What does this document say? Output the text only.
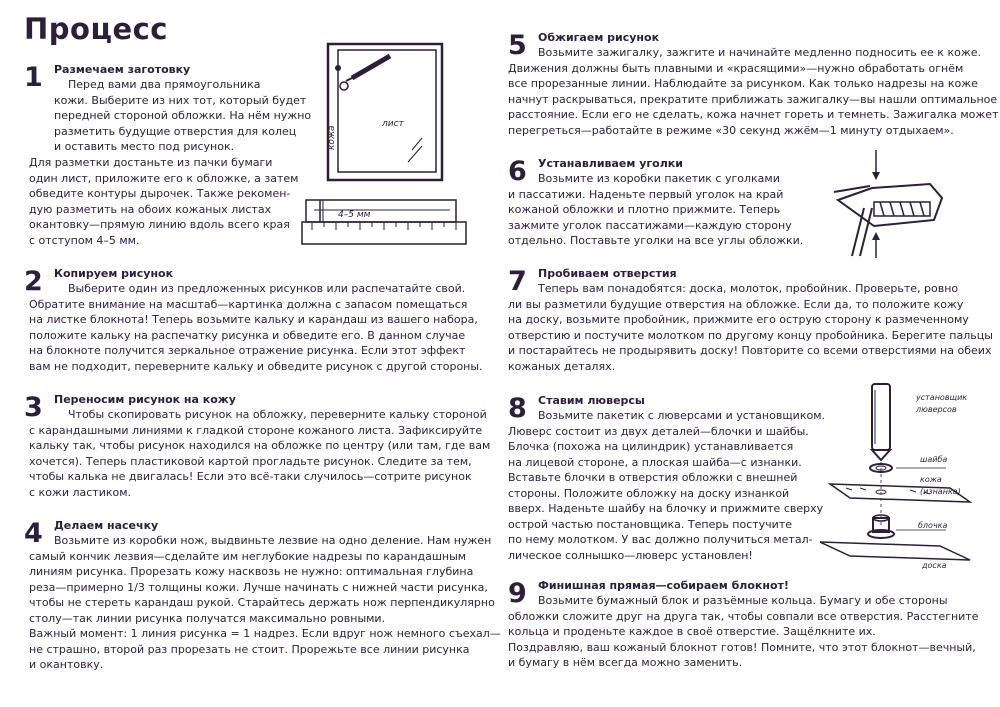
Процесс
1 Размечаем заготовку
Перед вами два прямоугольника
кожи. Выберите из них тот, который будет
передней стороной обложки. На нём нужно
разметить будущие отверстия для колец
и оставить место под рисунок.
Для разметки достаньте из пачки бумаги
один лист, приложите его к обложке, а затем
обведите контуры дырочек. Также рекомен-
дую разметить на обоих кожаных листах
окантовку—прямую линию вдоль всего края
с отступом 4–5 мм.
лист
кожа
4–5 мм
2 Копируем рисунок
Выберите один из предложенных рисунков или распечатайте свой.
Обратите внимание на масштаб—картинка должна с запасом помещаться
на листке блокнота! Теперь возьмите кальку и карандаш из вашего набора,
положите кальку на распечатку рисунка и обведите его. В данном случае
на блокноте получится зеркальное отражение рисунка. Если этот эффект
вам не подходит, переверните кальку и обведите рисунок с другой стороны.
3 Переносим рисунок на кожу
Чтобы скопировать рисунок на обложку, переверните кальку стороной
с карандашными линиями к гладкой стороне кожаного листа. Зафиксируйте
кальку так, чтобы рисунок находился на обложке по центру (или там, где вам
хочется). Теперь пластиковой картой прогладьте рисунок. Следите за тем,
чтобы калька не двигалась! Если это всё-таки случилось—сотрите рисунок
с кожи ластиком.
4 Делаем насечку
Возьмите из коробки нож, выдвиньте лезвие на одно деление. Нам нужен
самый кончик лезвия—сделайте им неглубокие надрезы по карандашным
линиям рисунка. Прорезать кожу насквозь не нужно: оптимальная глубина
реза—примерно 1/3 толщины кожи. Лучше начинать с нижней части рисунка,
чтобы не стереть карандаш рукой. Старайтесь держать нож перпендикулярно
столу—так линии рисунка получатся максимально ровными.
Важный момент: 1 линия рисунка = 1 надрез. Если вдруг нож немного съехал—
не страшно, второй раз прорезать не стоит. Прорежьте все линии рисунка
и окантовку.
5 Обжигаем рисунок
Возьмите зажигалку, зажгите и начинайте медленно подносить ее к коже.
Движения должны быть плавными и «красящими»—нужно обработать огнём
все прорезанные линии. Наблюдайте за рисунком. Как только надрезы на коже
начнут раскрываться, прекратите приближать зажигалку—вы нашли оптимальное
расстояние. Если его не сделать, кожа начнет гореть и темнеть. Зажигалка может
перегреться—работайте в режиме «30 секунд жжём—1 минуту отдыхаем».
6 Устанавливаем уголки
Возьмите из коробки пакетик с уголками
и пассатижи. Наденьте первый уголок на край
кожаной обложки и плотно прижмите. Теперь
зажмите уголок пассатижами—каждую сторону
отдельно. Поставьте уголки на все углы обложки.
7 Пробиваем отверстия
Теперь вам понадобятся: доска, молоток, пробойник. Проверьте, ровно
ли вы разметили будущие отверстия на обложке. Если да, то положите кожу
на доску, возьмите пробойник, прижмите его острую сторону к размеченному
отверстию и постучите молотком по другому концу пробойника. Берегите пальцы
и постарайтесь не продырявить доску! Повторите со всеми отверстиями на обеих
кожаных деталях.
8 Ставим люверсы
Возьмите пакетик с люверсами и установщиком.
Люверс состоит из двух деталей—блочки и шайбы.
Блочка (похожа на цилиндрик) устанавливается
на лицевой стороне, а плоская шайба—с изнанки.
Вставьте блочки в отверстия обложки с внешней
стороны. Положите обложку на доску изнанкой
вверх. Наденьте шайбу на блочку и прижмите сверху
острой частью постановщика. Теперь постучите
по нему молотком. У вас должно получиться метал-
лическое солнышко—люверс установлен!
установщик
люверсов
шайба
кожа
(изнанка)
блочка
доска
9 Финишная прямая—собираем блокнот!
Возьмите бумажный блок и разъёмные кольца. Бумагу и обе стороны
обложки сложите друг на друга так, чтобы совпали все отверстия. Расстегните
кольца и проденьте каждое в своё отверстие. Защёлкните их.
Поздравляю, ваш кожаный блокнот готов! Помните, что этот блокнот—вечный,
и бумагу в нём всегда можно заменить.
